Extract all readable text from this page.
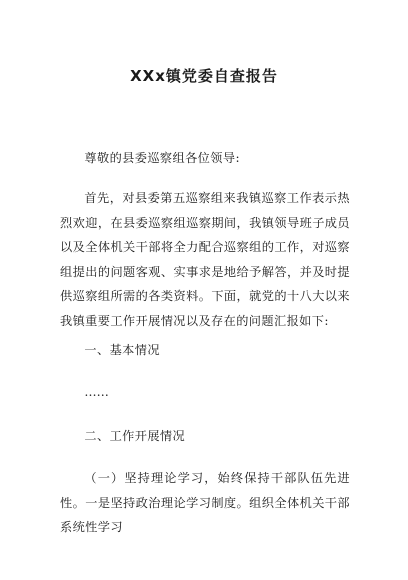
XXx镇党委自查报告

尊敬的县委巡察组各位领导:

首先，对县委第五巡察组来我镇巡察工作表示热烈欢迎，在县委巡察组巡察期间，我镇领导班子成员以及全体机关干部将全力配合巡察组的工作，对巡察组提出的问题客观、实事求是地给予解答，并及时提供巡察组所需的各类资料。下面，就党的十八大以来我镇重要工作开展情况以及存在的问题汇报如下:

一、基本情况

……

二、工作开展情况

（一）坚持理论学习，始终保持干部队伍先进性。一是坚持政治理论学习制度。组织全体机关干部系统性学习
